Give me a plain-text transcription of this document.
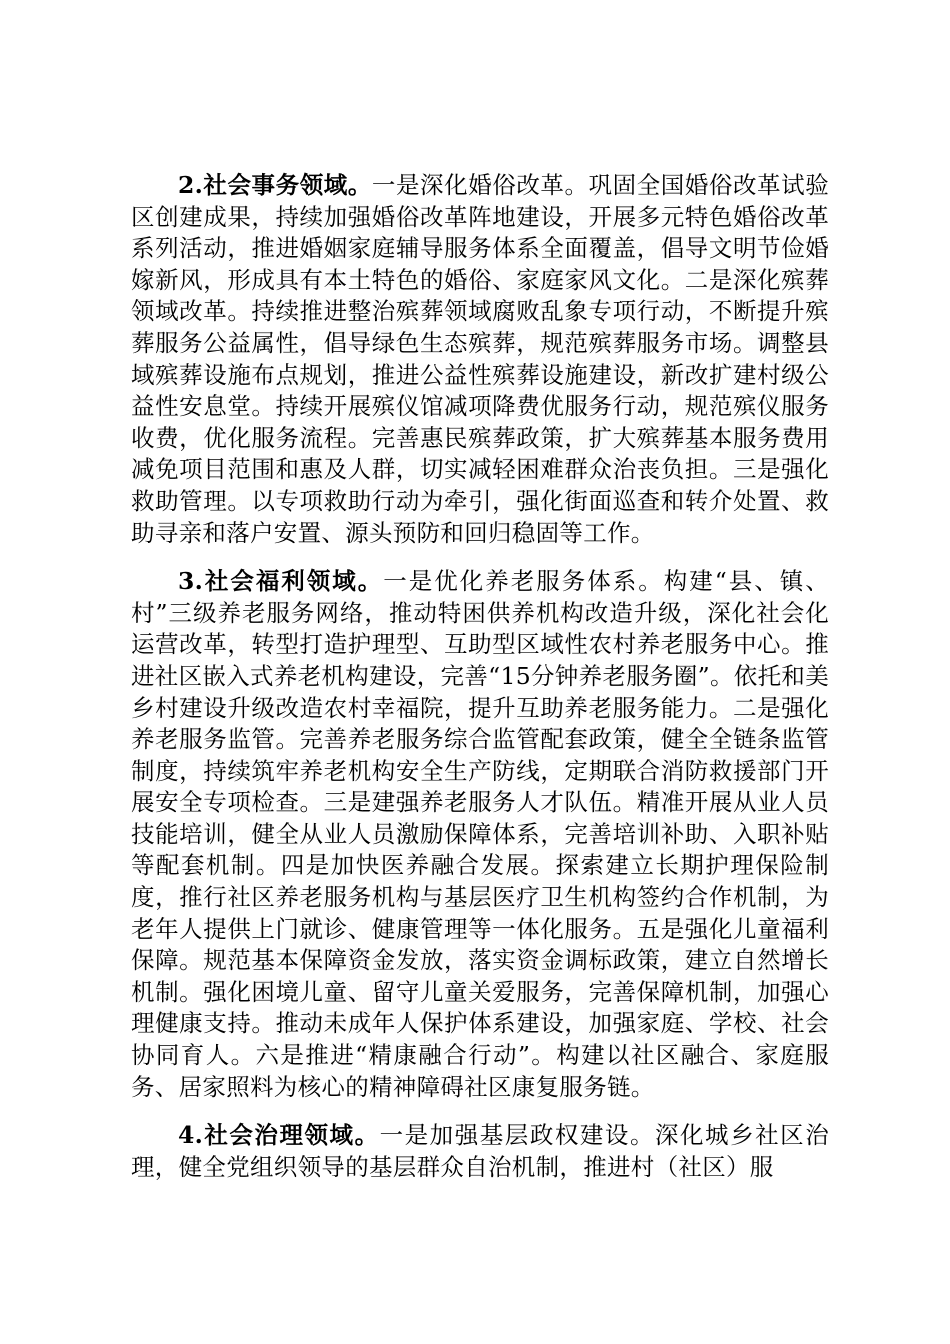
2.社会事务领域。一是深化婚俗改革。巩固全国婚俗改革试验区创建成果，持续加强婚俗改革阵地建设，开展多元特色婚俗改革系列活动，推进婚姻家庭辅导服务体系全面覆盖，倡导文明节俭婚嫁新风，形成具有本土特色的婚俗、家庭家风文化。二是深化殡葬领域改革。持续推进整治殡葬领域腐败乱象专项行动，不断提升殡葬服务公益属性，倡导绿色生态殡葬，规范殡葬服务市场。调整县域殡葬设施布点规划，推进公益性殡葬设施建设，新改扩建村级公益性安息堂。持续开展殡仪馆减项降费优服务行动，规范殡仪服务收费，优化服务流程。完善惠民殡葬政策，扩大殡葬基本服务费用减免项目范围和惠及人群，切实减轻困难群众治丧负担。三是强化救助管理。以专项救助行动为牵引，强化街面巡查和转介处置、救助寻亲和落户安置、源头预防和回归稳固等工作。

3.社会福利领域。一是优化养老服务体系。构建“县、镇、村”三级养老服务网络，推动特困供养机构改造升级，深化社会化运营改革，转型打造护理型、互助型区域性农村养老服务中心。推进社区嵌入式养老机构建设，完善“15分钟养老服务圈”。依托和美乡村建设升级改造农村幸福院，提升互助养老服务能力。二是强化养老服务监管。完善养老服务综合监管配套政策，健全全链条监管制度，持续筑牢养老机构安全生产防线，定期联合消防救援部门开展安全专项检查。三是建强养老服务人才队伍。精准开展从业人员技能培训，健全从业人员激励保障体系，完善培训补助、入职补贴等配套机制。四是加快医养融合发展。探索建立长期护理保险制度，推行社区养老服务机构与基层医疗卫生机构签约合作机制，为老年人提供上门就诊、健康管理等一体化服务。五是强化儿童福利保障。规范基本保障资金发放，落实资金调标政策，建立自然增长机制。强化困境儿童、留守儿童关爱服务，完善保障机制，加强心理健康支持。推动未成年人保护体系建设，加强家庭、学校、社会协同育人。六是推进“精康融合行动”。构建以社区融合、家庭服务、居家照料为核心的精神障碍社区康复服务链。

4.社会治理领域。一是加强基层政权建设。深化城乡社区治理，健全党组织领导的基层群众自治机制，推进村（社区）服
